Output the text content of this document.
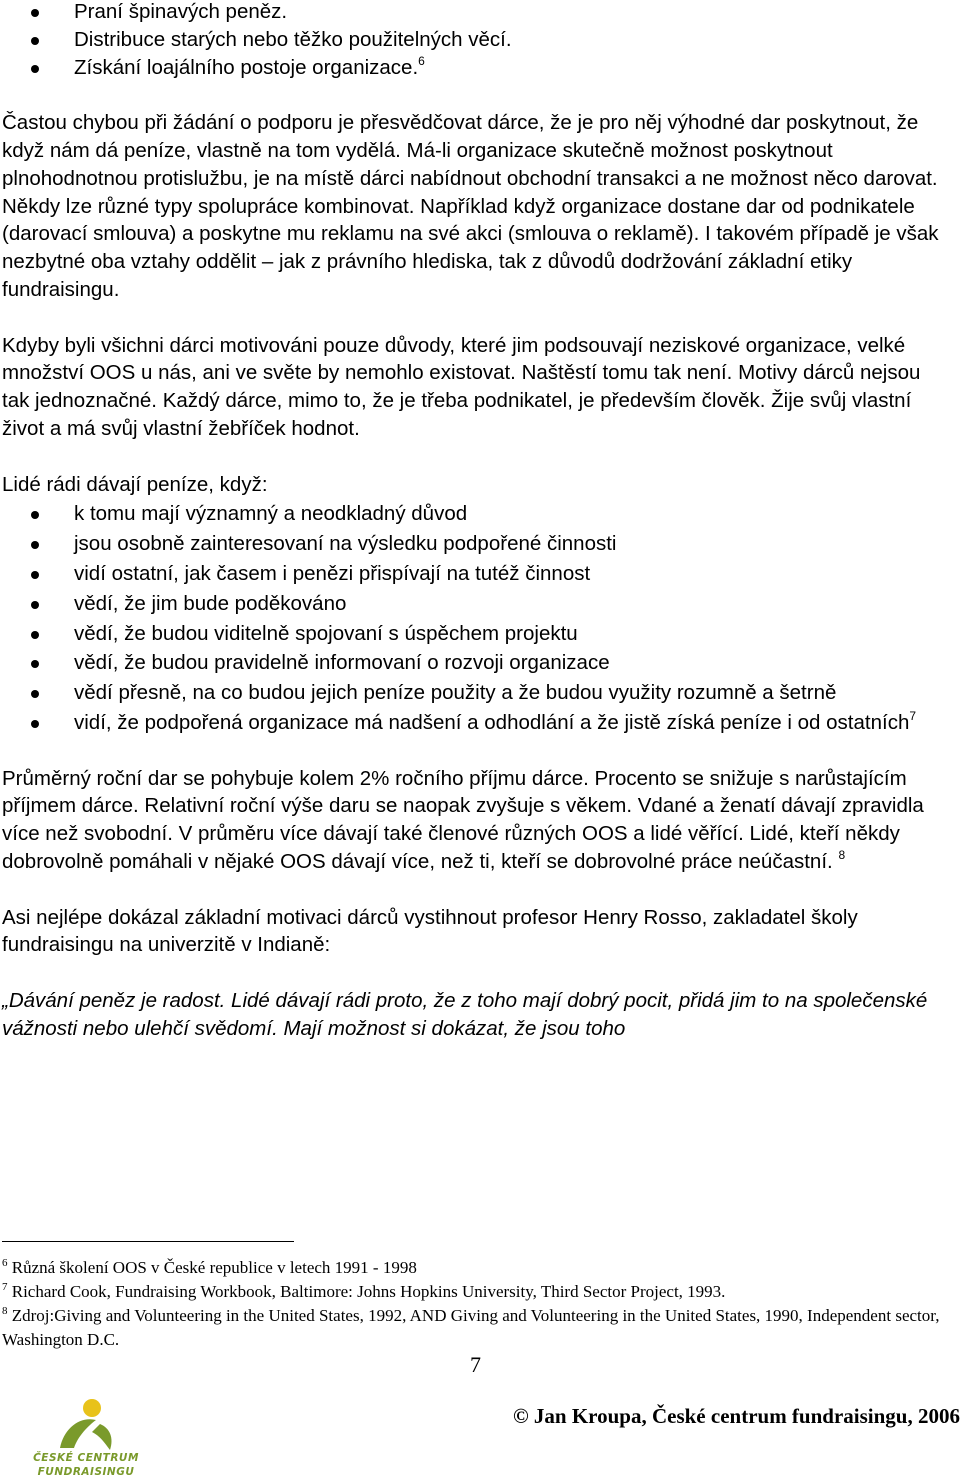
Praní špinavých peněz.
Distribuce starých nebo těžko použitelných věcí.
Získání loajálního postoje organizace.$^6$

Častou chybou při žádání o podporu je přesvědčovat dárce, že je pro něj výhodné dar poskytnout, že když nám dá peníze, vlastně na tom vydělá. Má-li organizace skutečně možnost poskytnout plnohodnotnou protislužbu, je na místě dárci nabídnout obchodní transakci a ne možnost něco darovat. Někdy lze různé typy spolupráce kombinovat. Například když organizace dostane dar od podnikatele (darovací smlouva) a poskytne mu reklamu na své akci (smlouva o reklamě). I takovém případě je však nezbytné oba vztahy oddělit – jak z právního hlediska, tak z důvodů dodržování základní etiky fundraisingu.

Kdyby byli všichni dárci motivováni pouze důvody, které jim podsouvají neziskové organizace, velké množství OOS u nás, ani ve světe by nemohlo existovat. Naštěstí tomu tak není. Motivy dárců nejsou tak jednoznačné. Každý dárce, mimo to, že je třeba podnikatel, je především člověk. Žije svůj vlastní život a má svůj vlastní žebříček hodnot.

Lidé rádi dávají peníze, když:

k tomu mají významný a neodkladný důvod
jsou osobně zainteresovaní na výsledku podpořené činnosti
vidí ostatní, jak časem i penězi přispívají na tutéž činnost
vědí, že jim bude poděkováno
vědí, že budou viditelně spojovaní s úspěchem projektu
vědí, že budou pravidelně informovaní o rozvoji organizace
vědí přesně, na co budou jejich peníze použity a že budou využity rozumně a šetrně
vidí, že podpořená organizace má nadšení a odhodlání a že jistě získá peníze i od ostatních$^7$

Průměrný roční dar se pohybuje kolem 2% ročního příjmu dárce. Procento se snižuje s narůstajícím příjmem dárce. Relativní roční výše daru se naopak zvyšuje s věkem. Vdané a ženatí dávají zpravidla více než svobodní. V průměru více dávají také členové různých OOS a lidé věřící. Lidé, kteří někdy dobrovolně pomáhali v nějaké OOS dávají více, než ti, kteří se dobrovolné práce neúčastní. $^8$

Asi nejlépe dokázal základní motivaci dárců vystihnout profesor Henry Rosso, zakladatel školy fundraisingu na univerzitě v Indianě:

„Dávání peněz je radost. Lidé dávají rádi proto, že z toho mají dobrý pocit, přidá jim to na společenské vážnosti nebo ulehčí svědomí. Mají možnost si dokázat, že jsou toho

$^6$ Různá školení OOS v České republice v letech 1991 - 1998
$^7$ Richard Cook, Fundraising Workbook, Baltimore: Johns Hopkins University, Third Sector Project, 1993.
$^8$ Zdroj:Giving and Volunteering in the United States, 1992, AND Giving and Volunteering in the United States, 1990, Independent sector, Washington D.C.
7
ČESKÉ CENTRUM
FUNDRAISINGU
© Jan Kroupa, České centrum fundraisingu, 2006
